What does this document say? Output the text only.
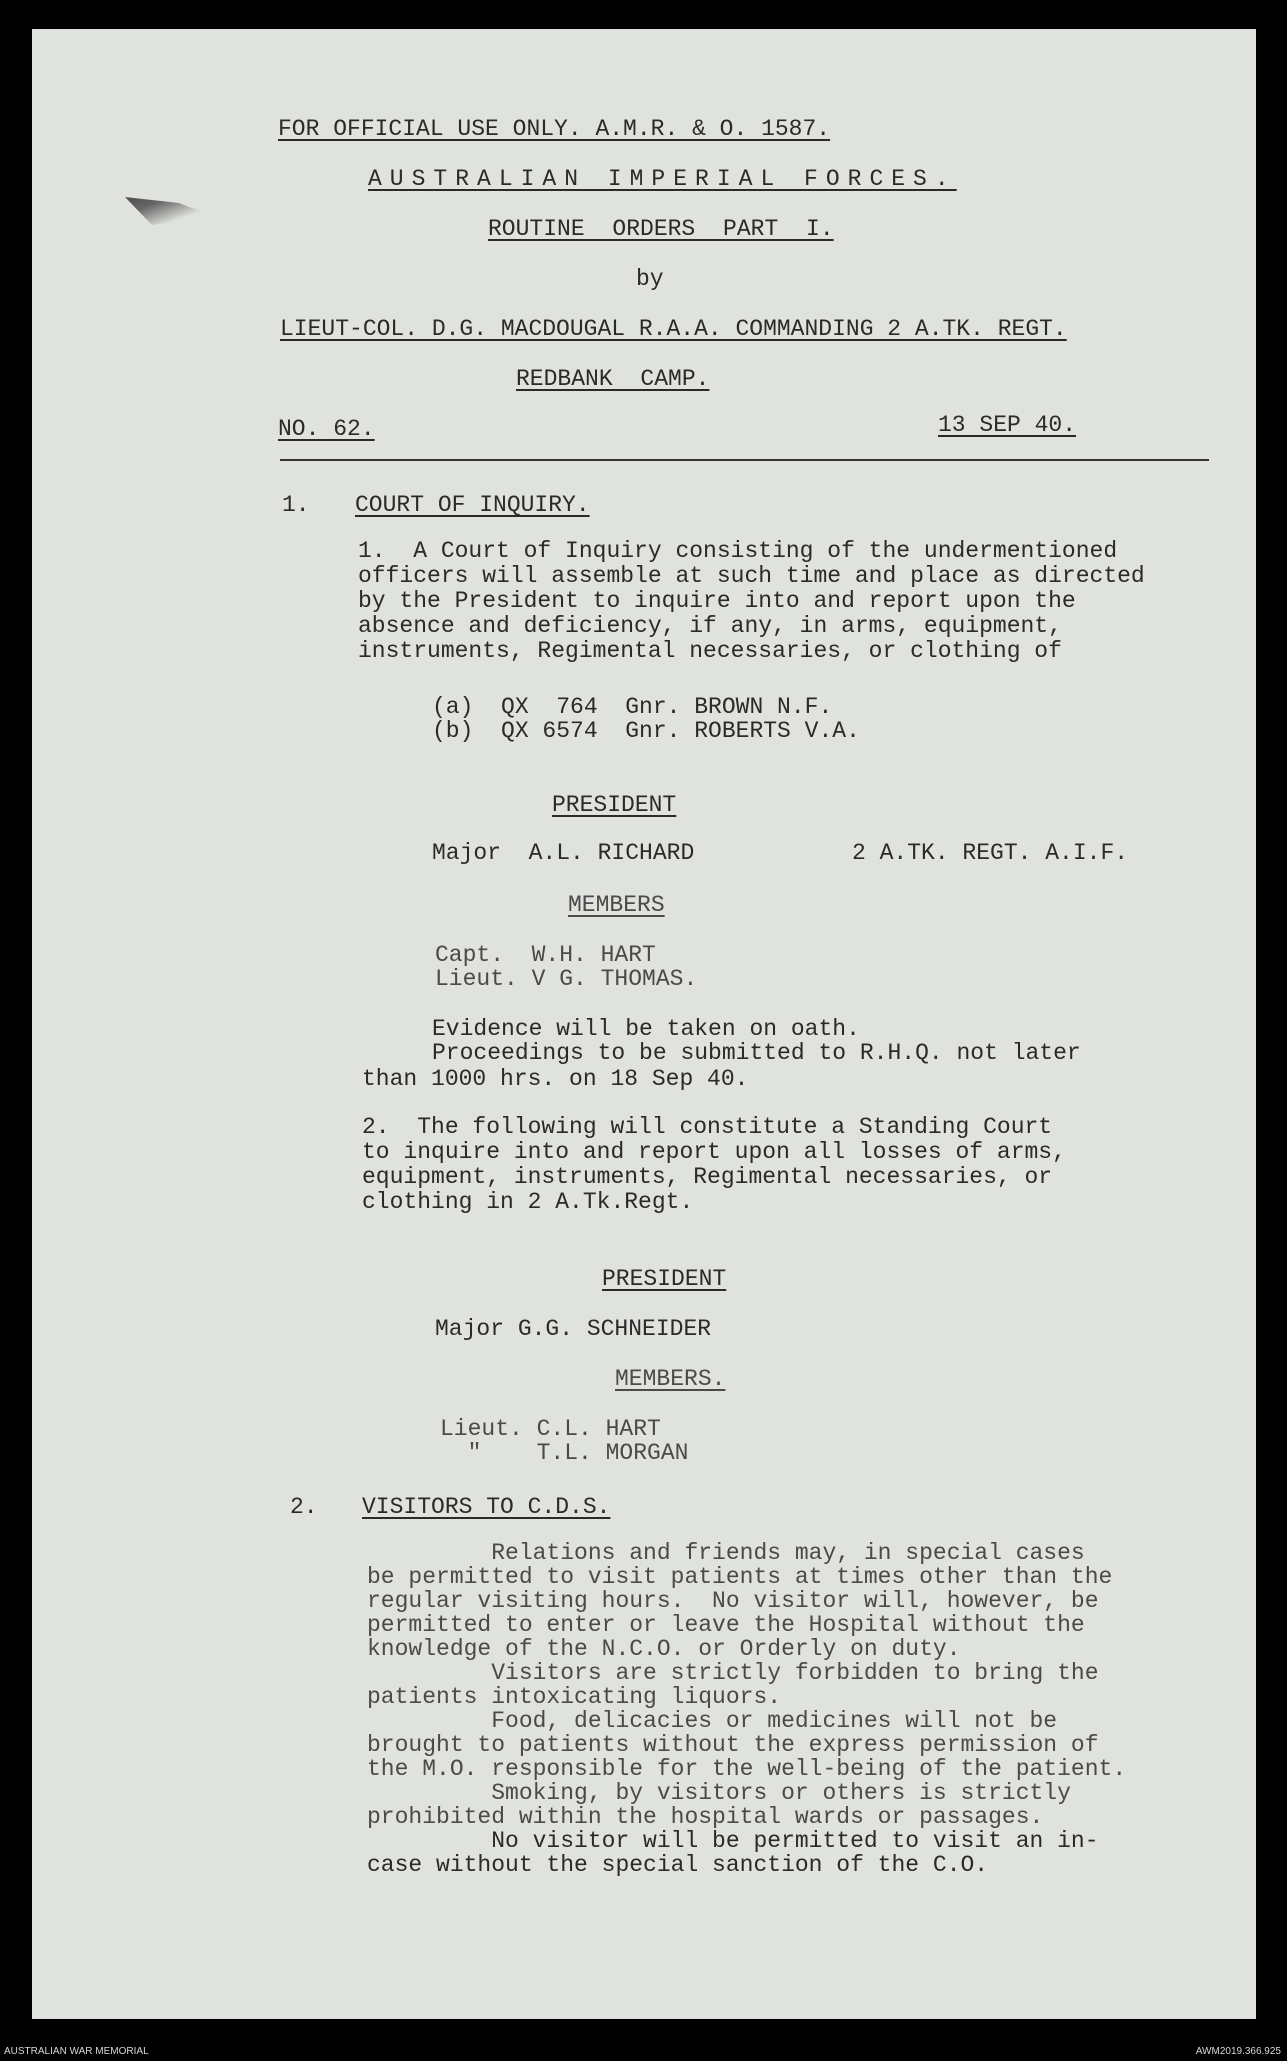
FOR OFFICIAL USE ONLY. A.M.R. & O. 1587.
AUSTRALIAN IMPERIAL FORCES.
ROUTINE ORDERS PART I.
by
LIEUT-COL. D.G. MACDOUGAL R.A.A. COMMANDING 2 A.TK. REGT.
REDBANK CAMP.
NO. 62.	13 SEP 40.
1. COURT OF INQUIRY.
1.  A Court of Inquiry consisting of the undermentioned
officers will assemble at such time and place as directed
by the President to inquire into and report upon the
absence and deficiency, if any, in arms, equipment,
instruments, Regimental necessaries, or clothing of
(a)  QX  764  Gnr. BROWN N.F.
(b)  QX 6574  Gnr. ROBERTS V.A.
PRESIDENT
Major  A.L. RICHARD	2 A.TK. REGT. A.I.F.
MEMBERS
Capt.  W.H. HART
Lieut. V G. THOMAS.
Evidence will be taken on oath.
Proceedings to be submitted to R.H.Q. not later
than 1000 hrs. on 18 Sep 40.
2.  The following will constitute a Standing Court
to inquire into and report upon all losses of arms,
equipment, instruments, Regimental necessaries, or
clothing in 2 A.Tk.Regt.
PRESIDENT
Major G.G. SCHNEIDER
MEMBERS.
Lieut. C.L. HART
"    T.L. MORGAN
2. VISITORS TO C.D.S.
Relations and friends may, in special cases
be permitted to visit patients at times other than the
regular visiting hours.  No visitor will, however, be
permitted to enter or leave the Hospital without the
knowledge of the N.C.O. or Orderly on duty.
Visitors are strictly forbidden to bring the
patients intoxicating liquors.
Food, delicacies or medicines will not be
brought to patients without the express permission of
the M.O. responsible for the well-being of the patient.
Smoking, by visitors or others is strictly
prohibited within the hospital wards or passages.
No visitor will be permitted to visit an in-
case without the special sanction of the C.O.
AUSTRALIAN WAR MEMORIAL	AWM2019.366.925
